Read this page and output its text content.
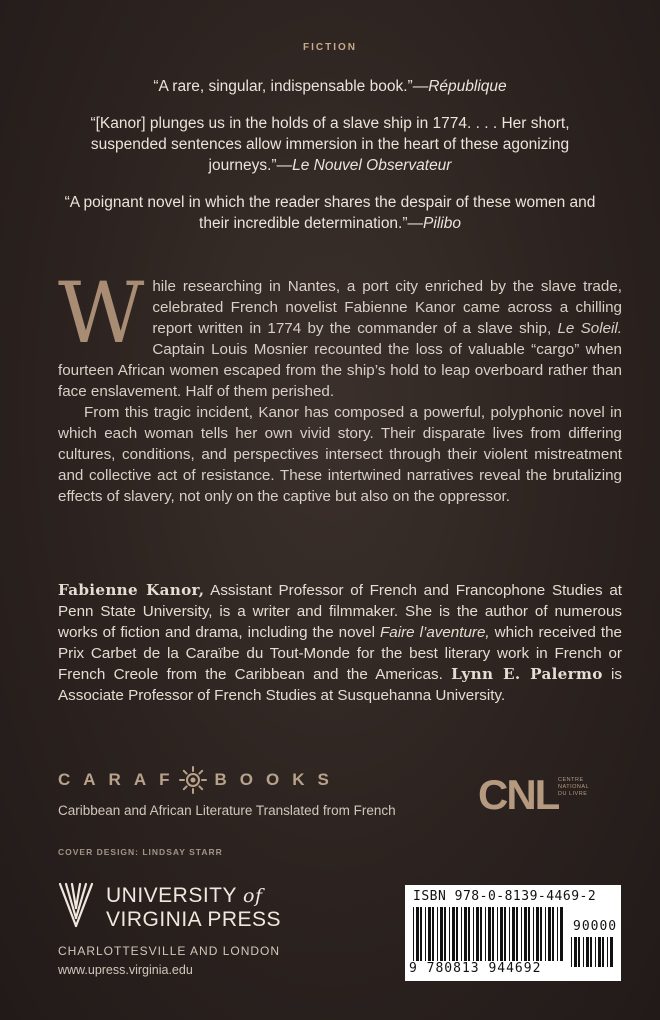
FICTION

“A rare, singular, indispensable book.”—République

“[Kanor] plunges us in the holds of a slave ship in 1774. . . . Her short, suspended sentences allow immersion in the heart of these agonizing journeys.”—Le Nouvel Observateur

“A poignant novel in which the reader shares the despair of these women and their incredible determination.”—Pilibo

While researching in Nantes, a port city enriched by the slave trade, celebrated French novelist Fabienne Kanor came across a chilling report written in 1774 by the commander of a slave ship, Le Soleil. Captain Louis Mosnier recounted the loss of valuable “cargo” when fourteen African women escaped from the ship’s hold to leap overboard rather than face enslavement. Half of them perished.

From this tragic incident, Kanor has composed a powerful, polyphonic novel in which each woman tells her own vivid story. Their disparate lives from differing cultures, conditions, and perspectives intersect through their violent mistreatment and collective act of resistance. These intertwined narratives reveal the brutalizing effects of slavery, not only on the captive but also on the oppressor.

Fabienne Kanor, Assistant Professor of French and Francophone Studies at Penn State University, is a writer and filmmaker. She is the author of numerous works of fiction and drama, including the novel Faire l’aventure, which received the Prix Carbet de la Caraïbe du Tout-Monde for the best literary work in French or French Creole from the Caribbean and the Americas. Lynn E. Palermo is Associate Professor of French Studies at Susquehanna University.
CARAF BOOKS
Caribbean and African Literature Translated from French CNL CENTRE
NATIONAL
DU LIVRE
COVER DESIGN: LINDSAY STARR
UNIVERSITY of
VIRGINIA PRESS
CHARLOTTESVILLE AND LONDON
www.upress.virginia.edu
ISBN 978-0-8139-4469-2
90000
9 780813 944692
